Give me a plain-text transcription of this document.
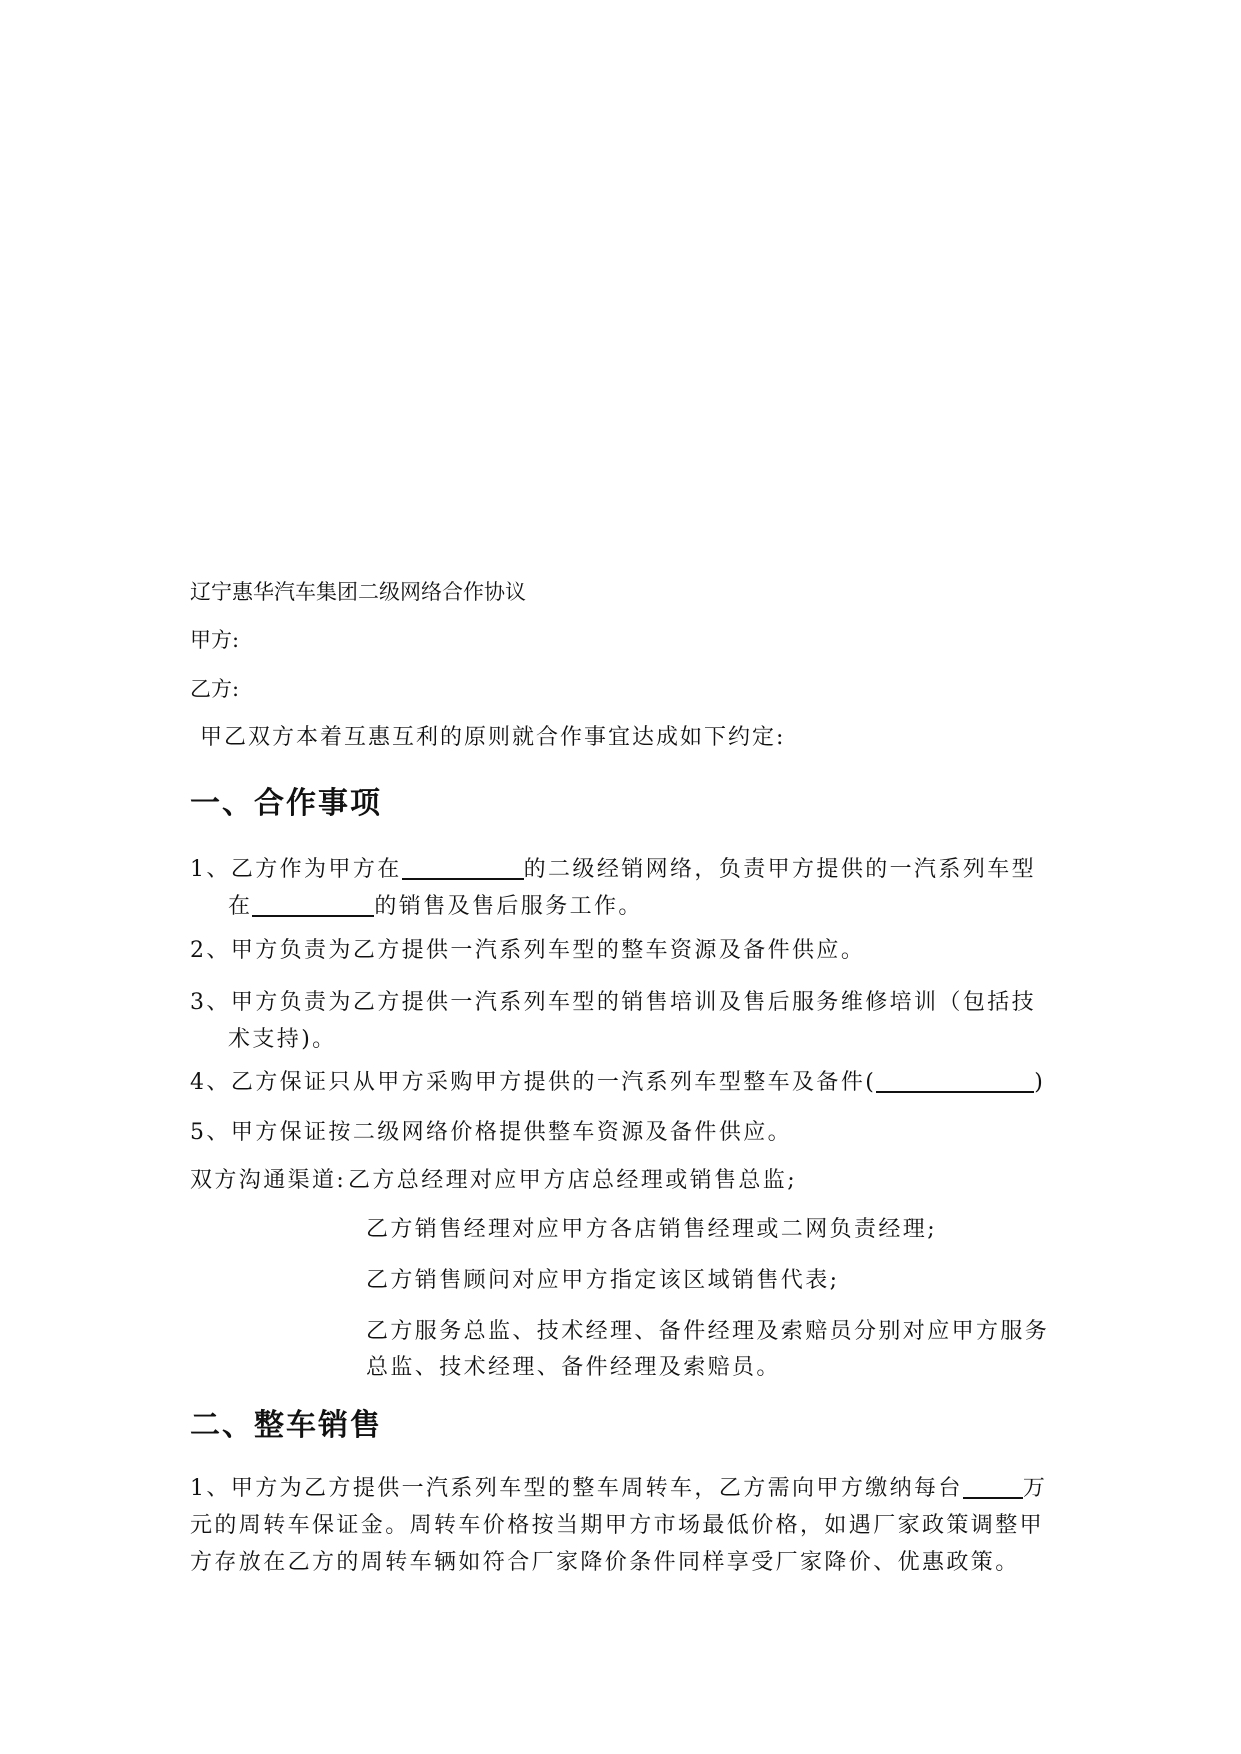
辽宁惠华汽车集团二级网络合作协议
甲方:
乙方:
甲乙双方本着互惠互利的原则就合作事宜达成如下约定:
一、合作事项
1、乙方作为甲方在	的二级经销网络，负责甲方提供的一汽系列车型
在	的销售及售后服务工作。
2、甲方负责为乙方提供一汽系列车型的整车资源及备件供应。
3、甲方负责为乙方提供一汽系列车型的销售培训及售后服务维修培训（包括技
术支持)。
4、乙方保证只从甲方采购甲方提供的一汽系列车型整车及备件(	)
5、甲方保证按二级网络价格提供整车资源及备件供应。
双方沟通渠道: 乙方总经理对应甲方店总经理或销售总监;
乙方销售经理对应甲方各店销售经理或二网负责经理;
乙方销售顾问对应甲方指定该区域销售代表;
乙方服务总监、技术经理、备件经理及索赔员分别对应甲方服务
总监、技术经理、备件经理及索赔员。
二、整车销售
1、甲方为乙方提供一汽系列车型的整车周转车，乙方需向甲方缴纳每台	万
元的周转车保证金。周转车价格按当期甲方市场最低价格，如遇厂家政策调整甲
方存放在乙方的周转车辆如符合厂家降价条件同样享受厂家降价、优惠政策。
